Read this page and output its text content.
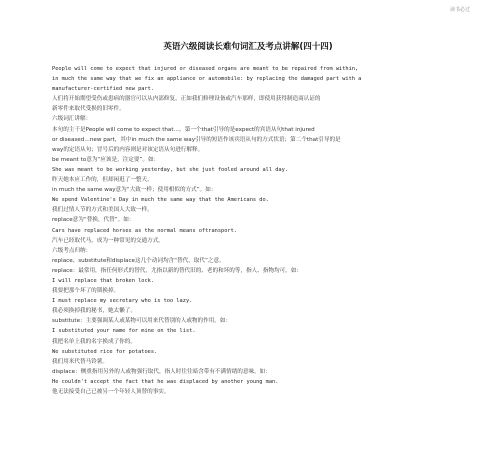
读书必过
英语六级阅读长难句词汇及考点讲解(四十四)
People will come to expect that injured or diseased organs are meant to be repaired from within,
in much the same way that we fix an appliance or automobile: by replacing the damaged part with a
manufacturer-certified new part.
人们将开始期望受伤或患病的器官可以从内部修复，正如我们修理设备或汽车那样，即使用获得制造商认证的
新零件来取代受损的旧零件。
六级词汇讲解：
本句的主干是People will come to expect that…。第一个that引导的是expect的宾语从句that injured
or diseased…new part，其中in much the same way引导的短语作该宾语从句的方式状语；第二个that引导的是
way的定语从句；冒号后的内容则是对该定语从句进行解释。
be meant to意为“应该是，注定要”。如：
She was meant to be working yesterday, but she just fooled around all day.
昨天她本应工作的，但却闲逛了一整天。
in much the same way意为“大致一样；使用相似的方式”。如：
We spend Valentine's Day in much the same way that the Americans do.
我们过情人节的方式和美国人大致一样。
replace意为“替换，代替”。如：
Cars have replaced horses as the normal means oftransport.
汽车已经取代马，成为一种常见的交通方式。
六级考点归纳：
replace、substitute和displace这几个动词均含“替代，取代”之意。
replace：最常用，指任何形式的替代，尤指以新的替代旧的、老的和坏的等，指人、指物均可。如：
I will replace that broken lock.
我要把那个坏了的锁换掉。
I must replace my secretary who is too lazy.
我必须换掉我的秘书，她太懒了。
substitute：主要强调某人或某物可以用来代替别的人或物的作用。如：
I substituted your name for mine on the list.
我把名单上我的名字换成了你的。
We substituted rice for potatoes.
我们用米代替马铃薯。
displace：侧重指用另外的人或物强行取代，指人时往往暗含带有不满情绪的意味。如：
He couldn't accept the fact that he was displaced by another young man.
他无法接受自己已被另一个年轻人顶替的事实。
